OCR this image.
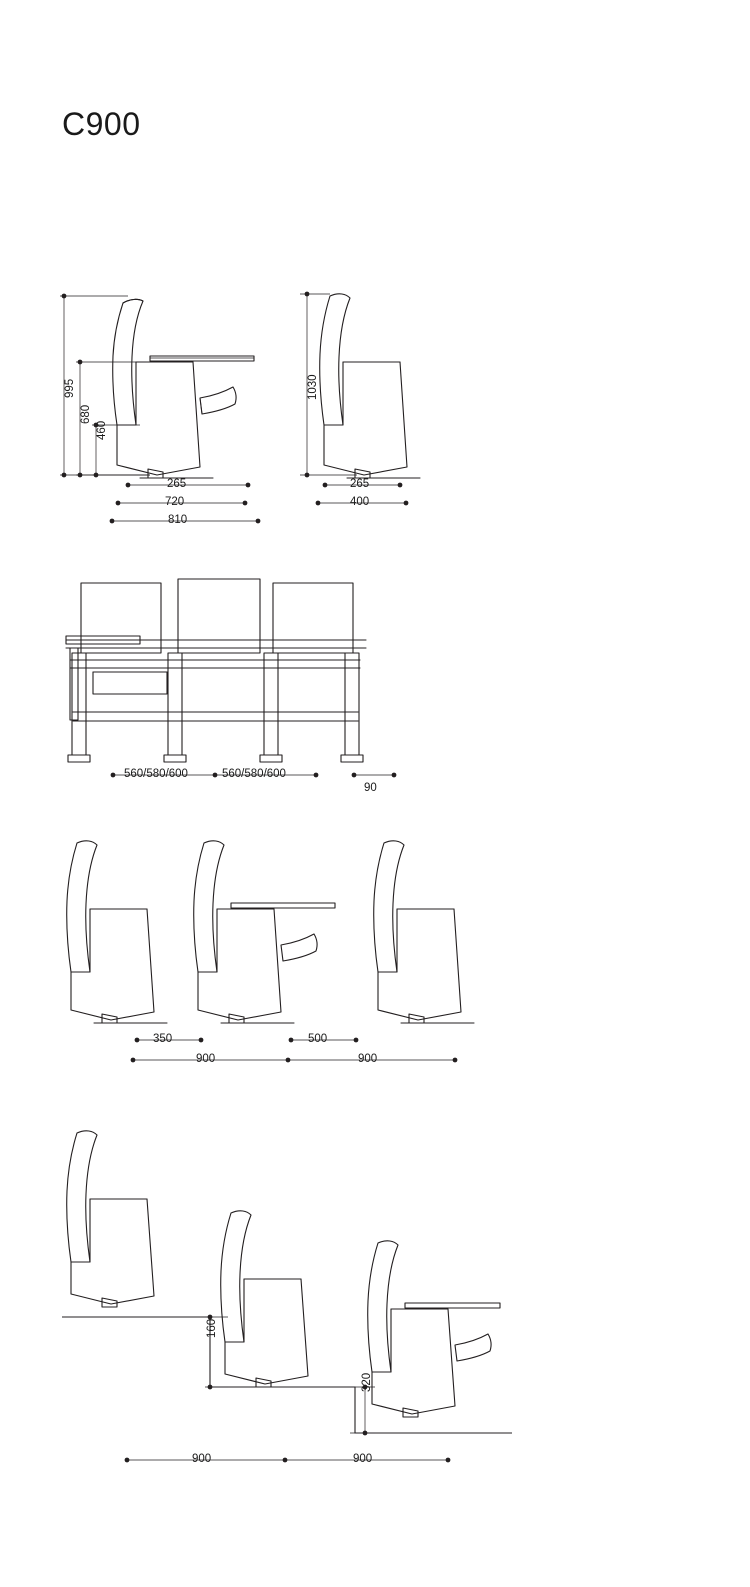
C900
995
680
460
265
720
810
1030
265
400
560/580/600	560/580/600
90
350	500
900	900
160
320
900	900
